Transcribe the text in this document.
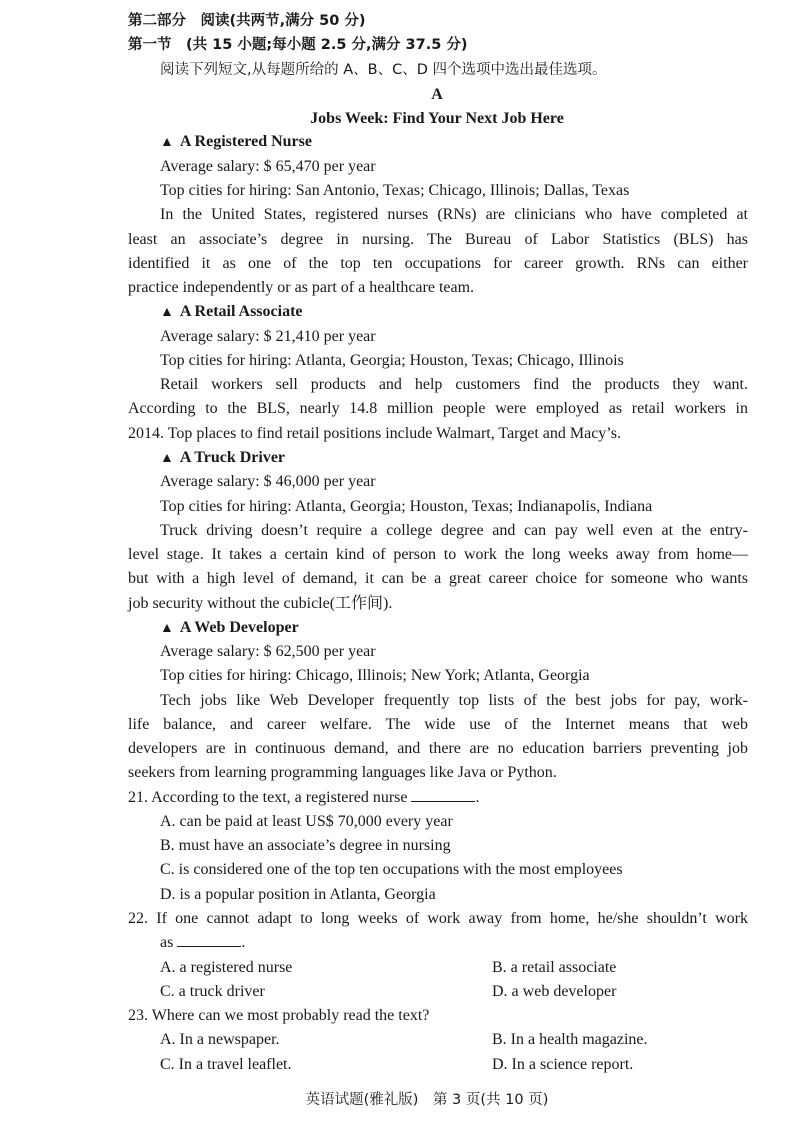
第二部分　阅读(共两节,满分 50 分)
第一节　(共 15 小题;每小题 2.5 分,满分 37.5 分)
阅读下列短文,从每题所给的 A、B、C、D 四个选项中选出最佳选项。
A
Jobs Week: Find Your Next Job Here
▲ A Registered Nurse
Average salary: $ 65,470 per year
Top cities for hiring: San Antonio, Texas; Chicago, Illinois; Dallas, Texas
In the United States, registered nurses (RNs) are clinicians who have completed at
least an associate’s degree in nursing. The Bureau of Labor Statistics (BLS) has
identified it as one of the top ten occupations for career growth. RNs can either
practice independently or as part of a healthcare team.
▲ A Retail Associate
Average salary: $ 21,410 per year
Top cities for hiring: Atlanta, Georgia; Houston, Texas; Chicago, Illinois
Retail workers sell products and help customers find the products they want.
According to the BLS, nearly 14.8 million people were employed as retail workers in
2014. Top places to find retail positions include Walmart, Target and Macy’s.
▲ A Truck Driver
Average salary: $ 46,000 per year
Top cities for hiring: Atlanta, Georgia; Houston, Texas; Indianapolis, Indiana
Truck driving doesn’t require a college degree and can pay well even at the entry-
level stage. It takes a certain kind of person to work the long weeks away from home—
but with a high level of demand, it can be a great career choice for someone who wants
job security without the cubicle(工作间).
▲ A Web Developer
Average salary: $ 62,500 per year
Top cities for hiring: Chicago, Illinois; New York; Atlanta, Georgia
Tech jobs like Web Developer frequently top lists of the best jobs for pay, work-
life balance, and career welfare. The wide use of the Internet means that web
developers are in continuous demand, and there are no education barriers preventing job
seekers from learning programming languages like Java or Python.
21. According to the text, a registered nurse	.
A. can be paid at least US$ 70,000 every year
B. must have an associate’s degree in nursing
C. is considered one of the top ten occupations with the most employees
D. is a popular position in Atlanta, Georgia
22. If one cannot adapt to long weeks of work away from home, he/she shouldn’t work
as	.
A. a registered nurse	B. a retail associate
C. a truck driver	D. a web developer
23. Where can we most probably read the text?
A. In a newspaper.	B. In a health magazine.
C. In a travel leaflet.	D. In a science report.
英语试题(雅礼版)　第 3 页(共 10 页)
